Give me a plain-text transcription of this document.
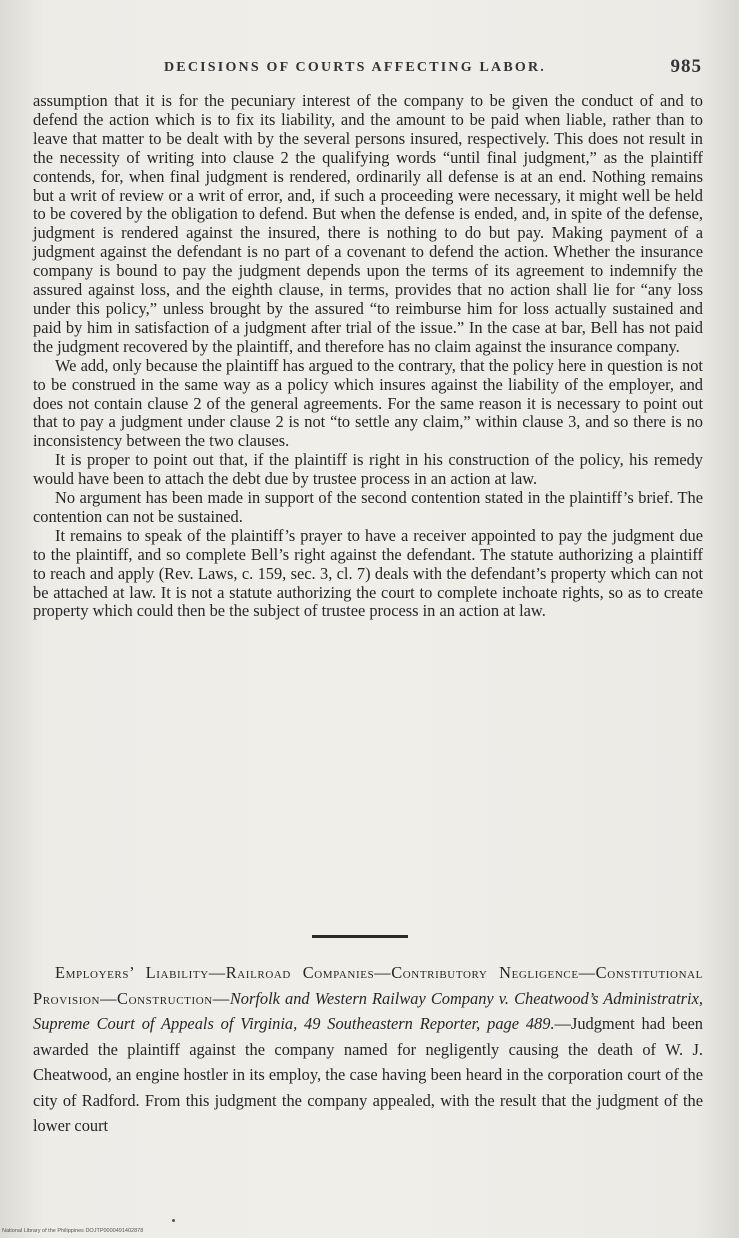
DECISIONS OF COURTS AFFECTING LABOR.	985

assumption that it is for the pecuniary interest of the company to be given the conduct of and to defend the action which is to fix its liability, and the amount to be paid when liable, rather than to leave that matter to be dealt with by the several persons insured, respectively. This does not result in the necessity of writing into clause 2 the qualifying words “until final judgment,” as the plaintiff contends, for, when final judgment is rendered, ordinarily all defense is at an end. Nothing remains but a writ of review or a writ of error, and, if such a proceeding were necessary, it might well be held to be covered by the obligation to defend. But when the defense is ended, and, in spite of the defense, judgment is rendered against the insured, there is nothing to do but pay. Making payment of a judgment against the defendant is no part of a covenant to defend the action. Whether the insurance company is bound to pay the judgment depends upon the terms of its agreement to indemnify the assured against loss, and the eighth clause, in terms, provides that no action shall lie for “any loss under this policy,” unless brought by the assured “to reimburse him for loss actually sustained and paid by him in satisfaction of a judgment after trial of the issue.” In the case at bar, Bell has not paid the judgment recovered by the plaintiff, and therefore has no claim against the insurance company.

We add, only because the plaintiff has argued to the contrary, that the policy here in question is not to be construed in the same way as a policy which insures against the liability of the employer, and does not contain clause 2 of the general agreements. For the same reason it is necessary to point out that to pay a judgment under clause 2 is not “to settle any claim,” within clause 3, and so there is no inconsistency between the two clauses.

It is proper to point out that, if the plaintiff is right in his construction of the policy, his remedy would have been to attach the debt due by trustee process in an action at law.

No argument has been made in support of the second contention stated in the plaintiff’s brief. The contention can not be sustained.

It remains to speak of the plaintiff’s prayer to have a receiver appointed to pay the judgment due to the plaintiff, and so complete Bell’s right against the defendant. The statute authorizing a plaintiff to reach and apply (Rev. Laws, c. 159, sec. 3, cl. 7) deals with the defendant’s property which can not be attached at law. It is not a statute authorizing the court to complete inchoate rights, so as to create property which could then be the subject of trustee process in an action at law.

Employers’ Liability—Railroad Companies—Contributory Negligence—Constitutional Provision—Construction—Norfolk and Western Railway Company v. Cheatwood’s Administratrix, Supreme Court of Appeals of Virginia, 49 Southeastern Reporter, page 489.—Judgment had been awarded the plaintiff against the company named for negligently causing the death of W. J. Cheatwood, an engine hostler in its employ, the case having been heard in the corporation court of the city of Radford. From this judgment the company appealed, with the result that the judgment of the lower court
National Library of the Philippines DOJTP0000491402878
